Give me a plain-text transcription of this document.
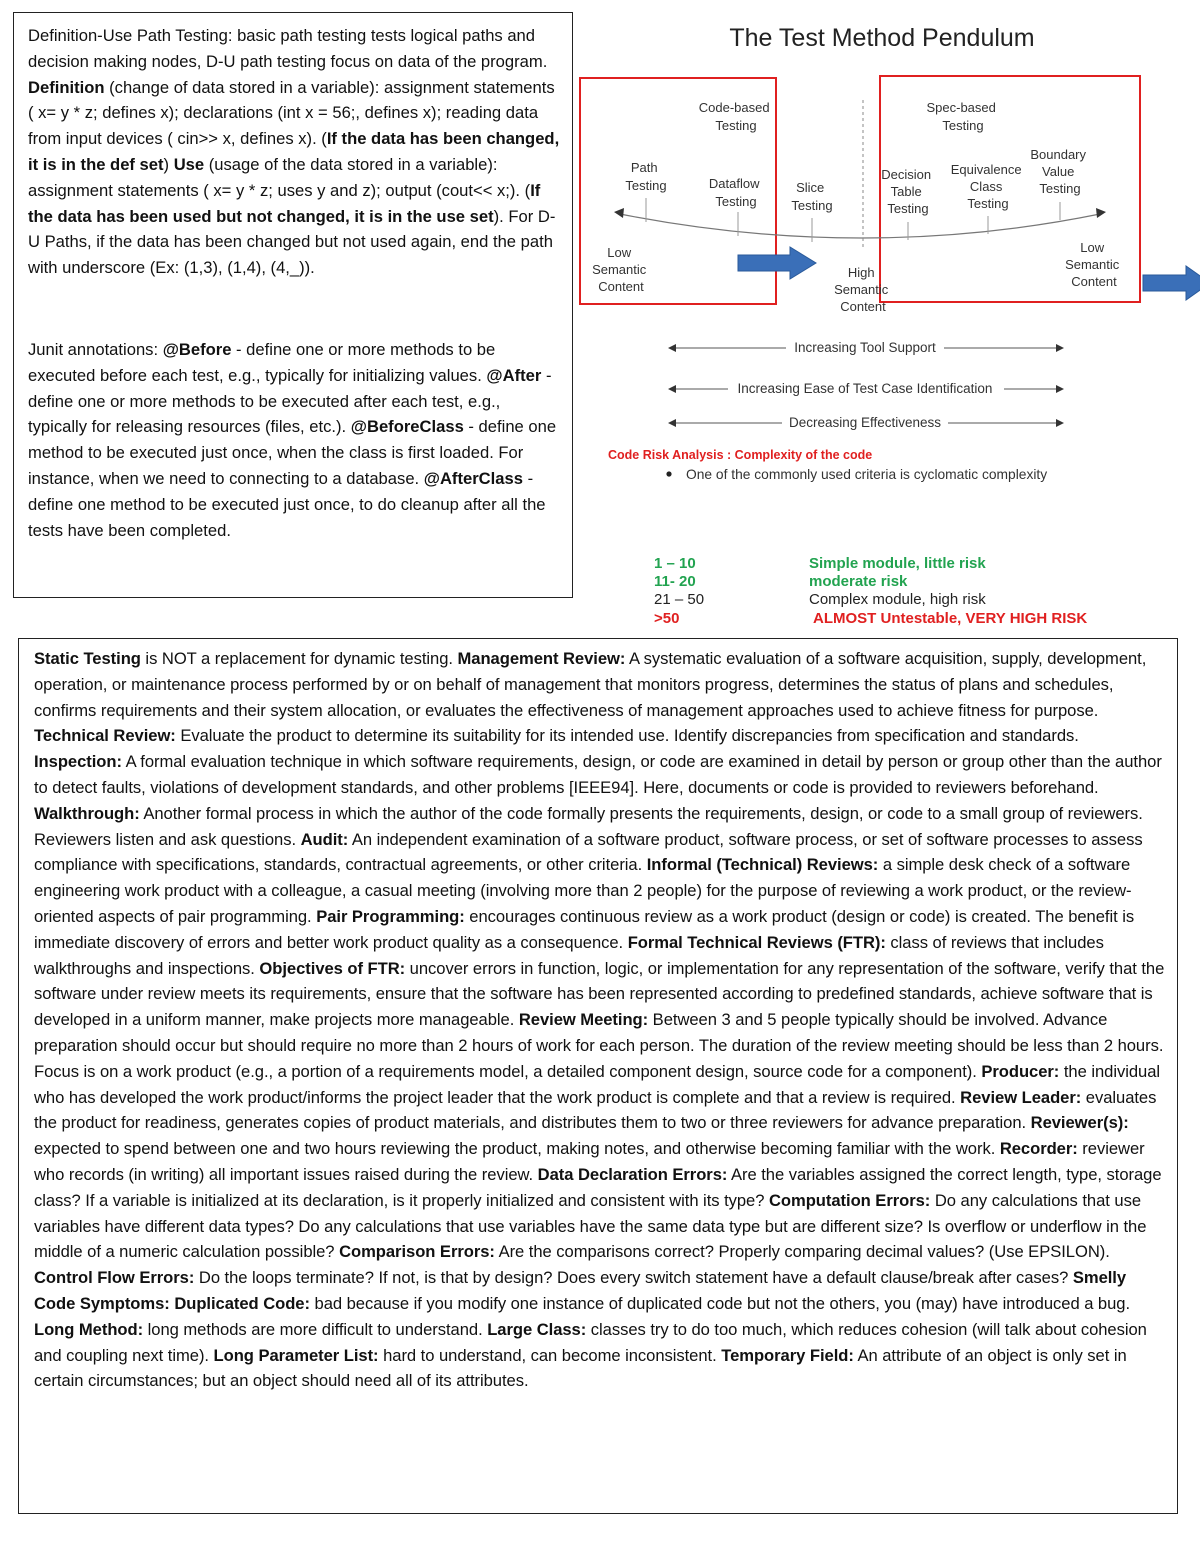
Definition-Use Path Testing: basic path testing tests logical paths and decision making nodes, D-U path testing focus on data of the program. Definition (change of data stored in a variable): assignment statements ( x= y * z; defines x); declarations (int x = 56;, defines x); reading data from input devices ( cin>> x, defines x). (If the data has been changed, it is in the def set) Use (usage of the data stored in a variable): assignment statements ( x= y * z; uses y and z); output (cout<< x;). (If the data has been used but not changed, it is in the use set). For D-U Paths, if the data has been changed but not used again, end the path with underscore (Ex: (1,3), (1,4), (4,_)).

Junit annotations: @Before - define one or more methods to be executed before each test, e.g., typically for initializing values. @After - define one or more methods to be executed after each test, e.g., typically for releasing resources (files, etc.). @BeforeClass - define one method to be executed just once, when the class is first loaded. For instance, when we need to connecting to a database. @AfterClass - define one method to be executed just once, to do cleanup after all the tests have been completed.

The Test Method Pendulum
Code-based Testing
Path Testing	Dataflow Testing
Slice Testing
Spec-based Testing
Decision Table Testing
Equivalence Class Testing
Boundary Value Testing
Low Semantic Content
High Semantic Content
Low Semantic Content
Increasing Tool Support
Increasing Ease of Test Case Identification
Decreasing Effectiveness
Code Risk Analysis : Complexity of the code
One of the commonly used criteria is cyclomatic complexity
1 – 10	Simple module, little risk
11- 20	moderate risk
21 – 50	Complex module, high risk
>50	ALMOST Untestable, VERY HIGH RISK

Static Testing is NOT a replacement for dynamic testing. Management Review: A systematic evaluation of a software acquisition, supply, development, operation, or maintenance process performed by or on behalf of management that monitors progress, determines the status of plans and schedules, confirms requirements and their system allocation, or evaluates the effectiveness of management approaches used to achieve fitness for purpose. Technical Review: Evaluate the product to determine its suitability for its intended use. Identify discrepancies from specification and standards. Inspection: A formal evaluation technique in which software requirements, design, or code are examined in detail by person or group other than the author to detect faults, violations of development standards, and other problems [IEEE94]. Here, documents or code is provided to reviewers beforehand. Walkthrough: Another formal process in which the author of the code formally presents the requirements, design, or code to a small group of reviewers. Reviewers listen and ask questions. Audit: An independent examination of a software product, software process, or set of software processes to assess compliance with specifications, standards, contractual agreements, or other criteria. Informal (Technical) Reviews: a simple desk check of a software engineering work product with a colleague, a casual meeting (involving more than 2 people) for the purpose of reviewing a work product, or the review-oriented aspects of pair programming. Pair Programming: encourages continuous review as a work product (design or code) is created. The benefit is immediate discovery of errors and better work product quality as a consequence. Formal Technical Reviews (FTR): class of reviews that includes walkthroughs and inspections. Objectives of FTR: uncover errors in function, logic, or implementation for any representation of the software, verify that the software under review meets its requirements, ensure that the software has been represented according to predefined standards, achieve software that is developed in a uniform manner, make projects more manageable. Review Meeting: Between 3 and 5 people typically should be involved. Advance preparation should occur but should require no more than 2 hours of work for each person. The duration of the review meeting should be less than 2 hours. Focus is on a work product (e.g., a portion of a requirements model, a detailed component design, source code for a component). Producer: the individual who has developed the work product/informs the project leader that the work product is complete and that a review is required. Review Leader: evaluates the product for readiness, generates copies of product materials, and distributes them to two or three reviewers for advance preparation. Reviewer(s): expected to spend between one and two hours reviewing the product, making notes, and otherwise becoming familiar with the work. Recorder: reviewer who records (in writing) all important issues raised during the review. Data Declaration Errors: Are the variables assigned the correct length, type, storage class? If a variable is initialized at its declaration, is it properly initialized and consistent with its type? Computation Errors: Do any calculations that use variables have different data types? Do any calculations that use variables have the same data type but are different size? Is overflow or underflow in the middle of a numeric calculation possible? Comparison Errors: Are the comparisons correct? Properly comparing decimal values? (Use EPSILON). Control Flow Errors: Do the loops terminate? If not, is that by design? Does every switch statement have a default clause/break after cases? Smelly Code Symptoms: Duplicated Code: bad because if you modify one instance of duplicated code but not the others, you (may) have introduced a bug. Long Method: long methods are more difficult to understand. Large Class: classes try to do too much, which reduces cohesion (will talk about cohesion and coupling next time). Long Parameter List: hard to understand, can become inconsistent. Temporary Field: An attribute of an object is only set in certain circumstances; but an object should need all of its attributes.
